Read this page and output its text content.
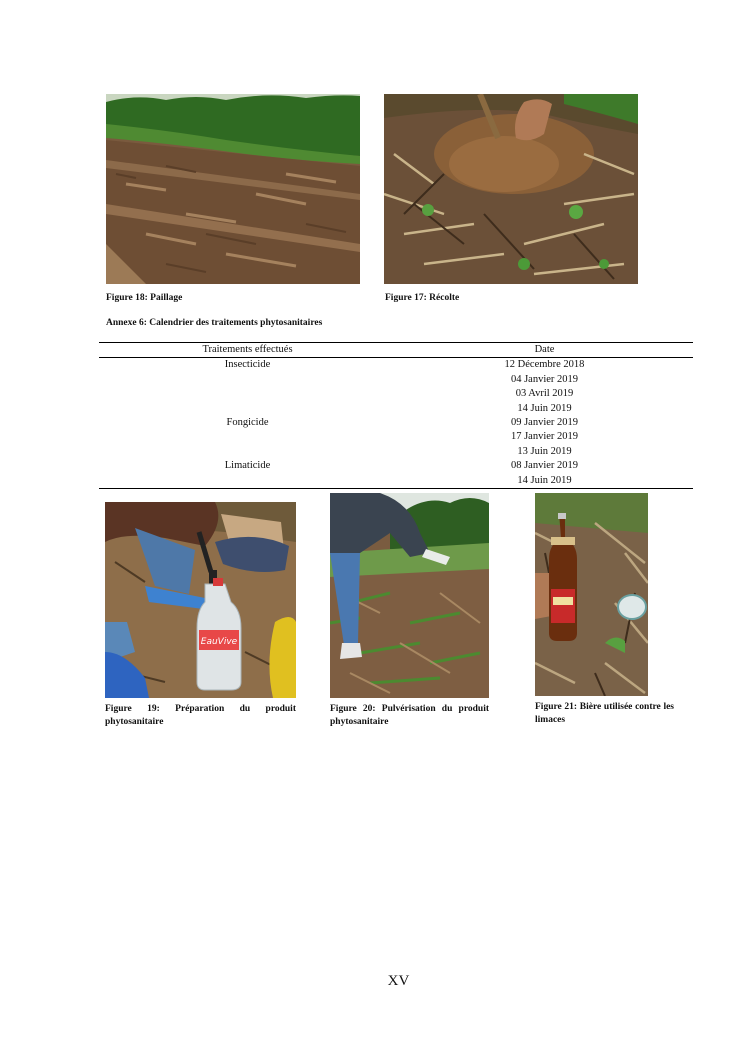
Figure 18: Paillage	Figure 17: Récolte
Annexe 6: Calendrier des traitements phytosanitaires
Traitements effectués	Date
Insecticide	12 Décembre 2018
04 Janvier 2019
03 Avril 2019
14 Juin 2019

Fongicide	09 Janvier 2019
17 Janvier 2019
13 Juin 2019

Limaticide	08 Janvier 2019
14 Juin 2019
EauVive
Figure 19: Préparation du produit phytosanitaire
Figure 20: Pulvérisation du produit phytosanitaire
Figure 21: Bière utilisée contre les limaces
XV
